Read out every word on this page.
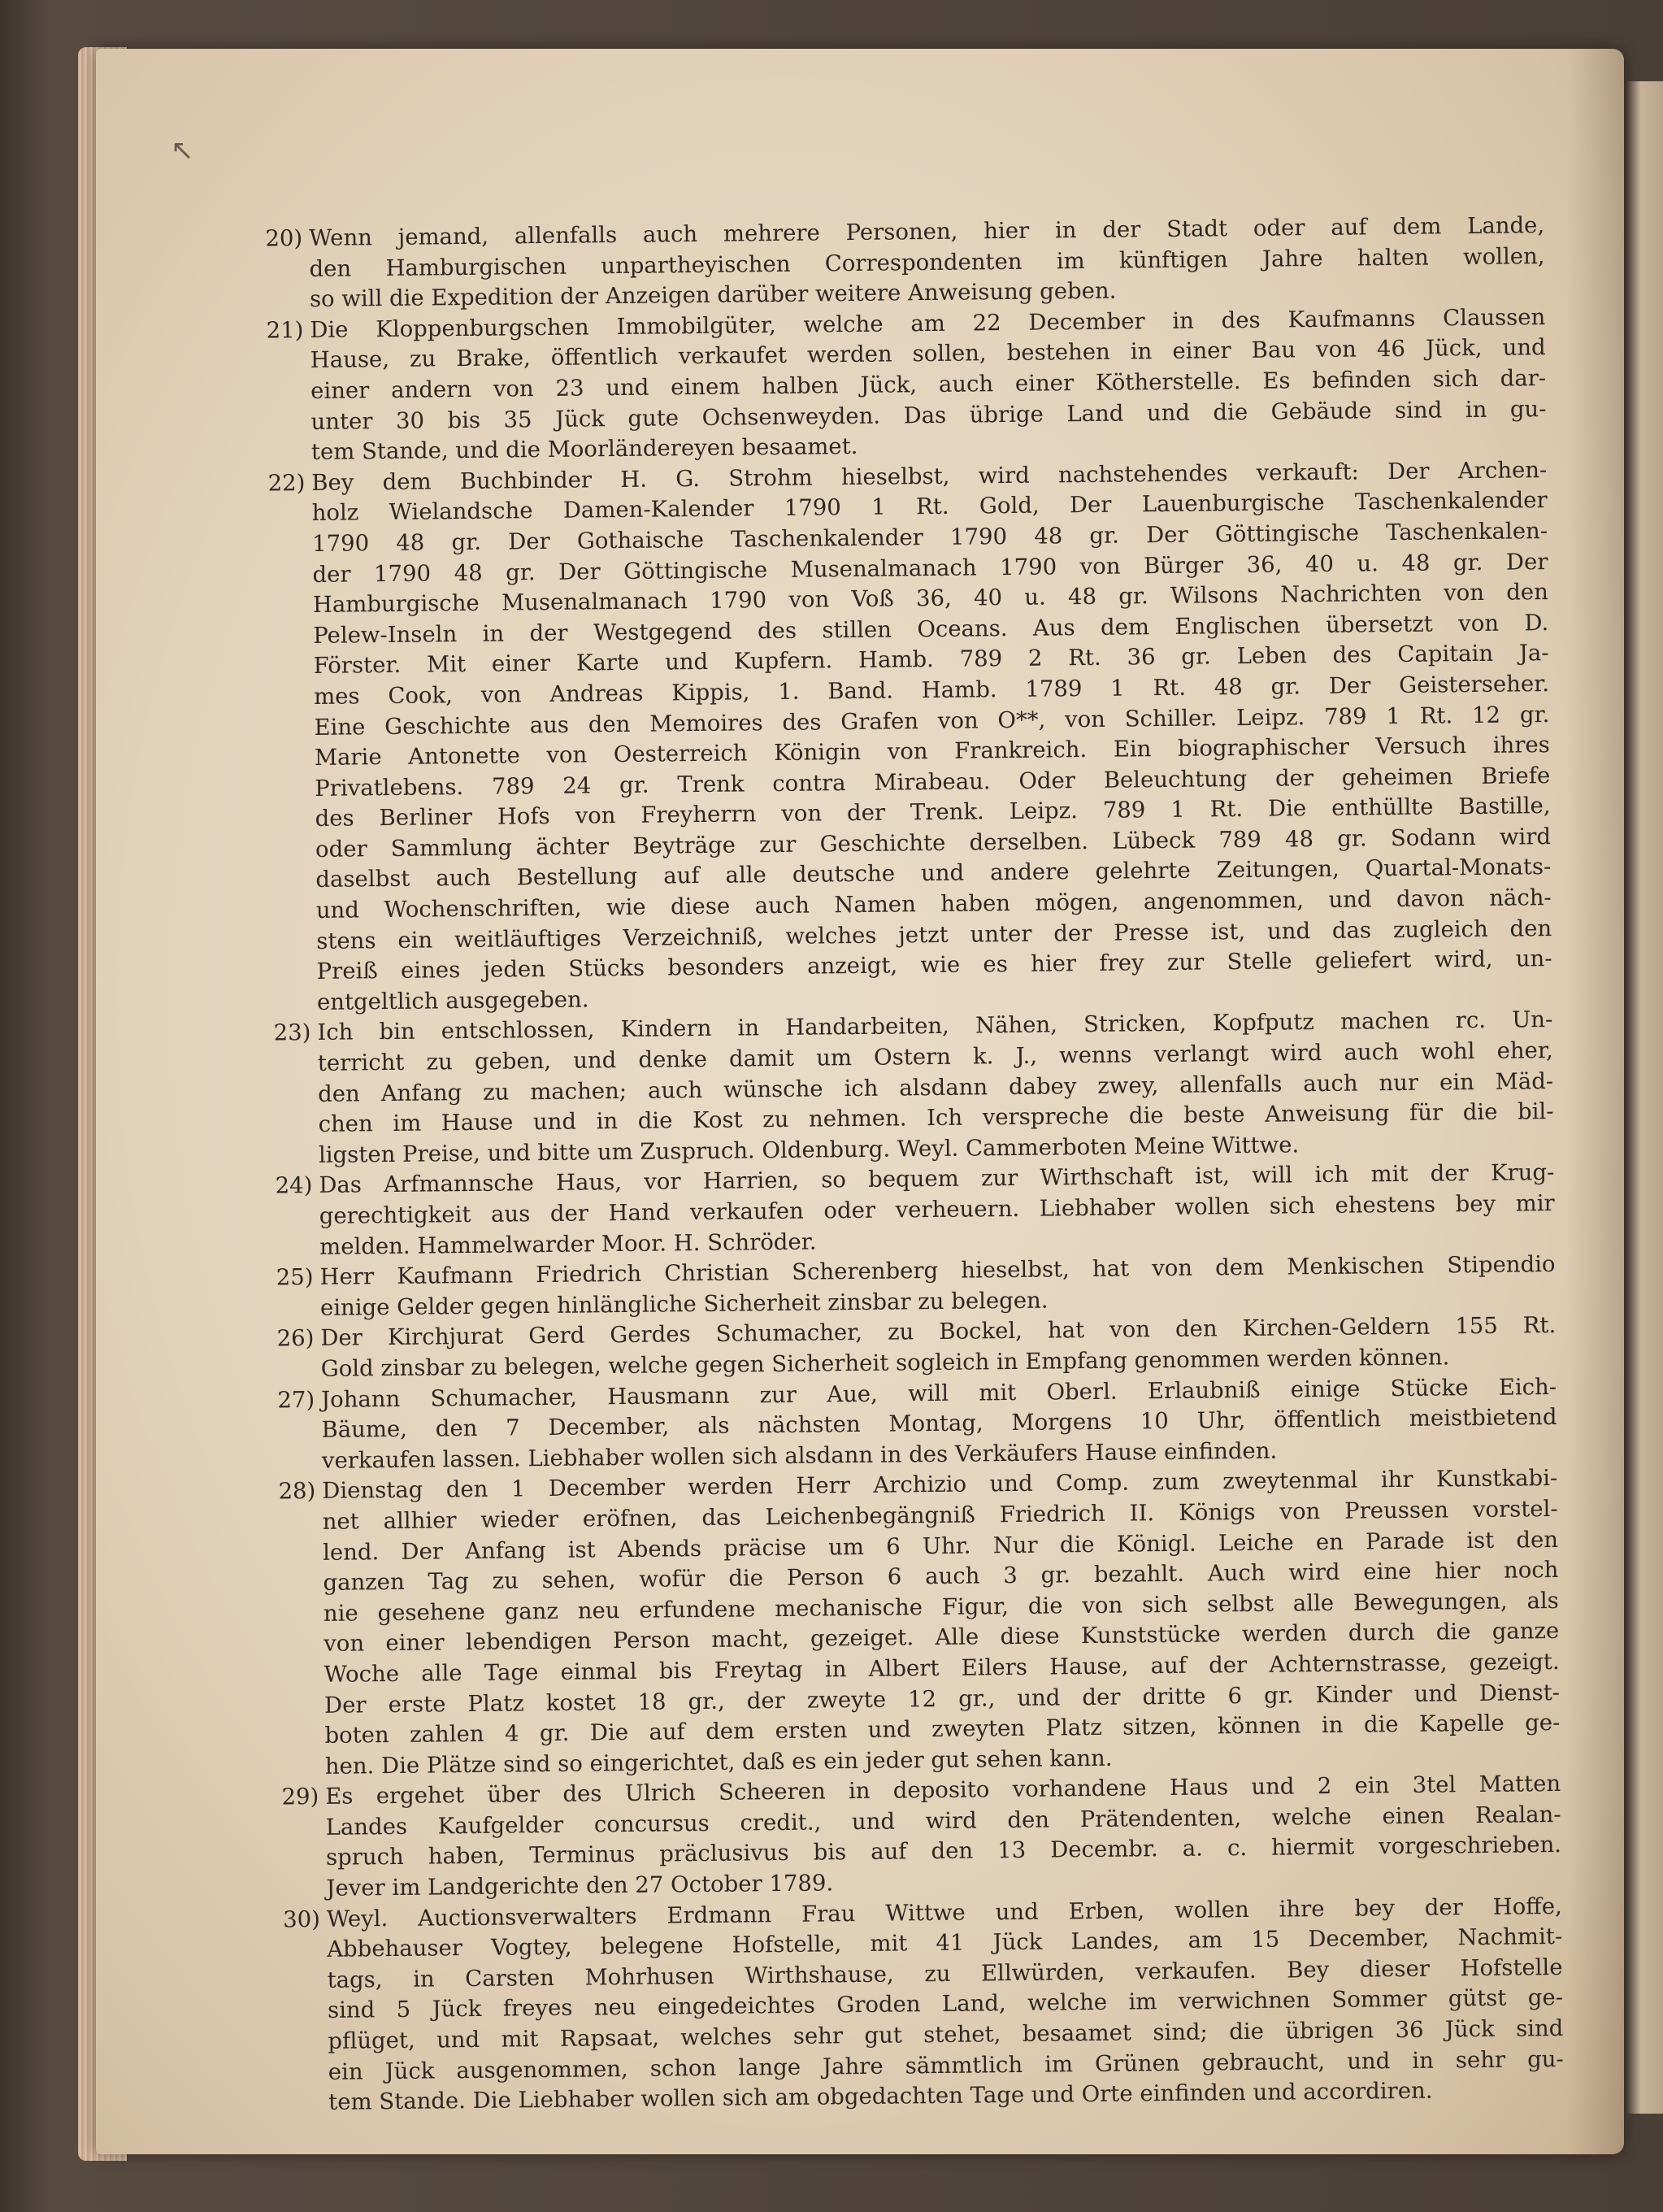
↖
20) Wenn jemand, allenfalls auch mehrere Personen, hier in der Stadt oder auf dem Lande,
den Hamburgischen unpartheyischen Correspondenten im künftigen Jahre halten wollen,
so will die Expedition der Anzeigen darüber weitere Anweisung geben.
21) Die Kloppenburgschen Immobilgüter, welche am 22 December in des Kaufmanns Claussen
Hause, zu Brake, öffentlich verkaufet werden sollen, bestehen in einer Bau von 46 Jück, und
einer andern von 23 und einem halben Jück, auch einer Kötherstelle. Es befinden sich dar-
unter 30 bis 35 Jück gute Ochsenweyden. Das übrige Land und die Gebäude sind in gu-
tem Stande, und die Moorländereyen besaamet.
22) Bey dem Buchbinder H. G. Strohm hieselbst, wird nachstehendes verkauft: Der Archen-
holz Wielandsche Damen-Kalender 1790 1 Rt. Gold, Der Lauenburgische Taschenkalender
1790 48 gr. Der Gothaische Taschenkalender 1790 48 gr. Der Göttingische Taschenkalen-
der 1790 48 gr. Der Göttingische Musenalmanach 1790 von Bürger 36, 40 u. 48 gr. Der
Hamburgische Musenalmanach 1790 von Voß 36, 40 u. 48 gr. Wilsons Nachrichten von den
Pelew-Inseln in der Westgegend des stillen Oceans. Aus dem Englischen übersetzt von D.
Förster. Mit einer Karte und Kupfern. Hamb. 789 2 Rt. 36 gr. Leben des Capitain Ja-
mes Cook, von Andreas Kippis, 1. Band. Hamb. 1789 1 Rt. 48 gr. Der Geisterseher.
Eine Geschichte aus den Memoires des Grafen von O**, von Schiller. Leipz. 789 1 Rt. 12 gr.
Marie Antonette von Oesterreich Königin von Frankreich. Ein biographischer Versuch ihres
Privatlebens. 789 24 gr. Trenk contra Mirabeau. Oder Beleuchtung der geheimen Briefe
des Berliner Hofs von Freyherrn von der Trenk. Leipz. 789 1 Rt. Die enthüllte Bastille,
oder Sammlung ächter Beyträge zur Geschichte derselben. Lübeck 789 48 gr. Sodann wird
daselbst auch Bestellung auf alle deutsche und andere gelehrte Zeitungen, Quartal-Monats-
und Wochenschriften, wie diese auch Namen haben mögen, angenommen, und davon näch-
stens ein weitläuftiges Verzeichniß, welches jetzt unter der Presse ist, und das zugleich den
Preiß eines jeden Stücks besonders anzeigt, wie es hier frey zur Stelle geliefert wird, un-
entgeltlich ausgegeben.
23) Ich bin entschlossen, Kindern in Handarbeiten, Nähen, Stricken, Kopfputz machen rc. Un-
terricht zu geben, und denke damit um Ostern k. J., wenns verlangt wird auch wohl eher,
den Anfang zu machen; auch wünsche ich alsdann dabey zwey, allenfalls auch nur ein Mäd-
chen im Hause und in die Kost zu nehmen. Ich verspreche die beste Anweisung für die bil-
ligsten Preise, und bitte um Zuspruch. Oldenburg. Weyl. Cammerboten Meine Wittwe.
24) Das Arfmannsche Haus, vor Harrien, so bequem zur Wirthschaft ist, will ich mit der Krug-
gerechtigkeit aus der Hand verkaufen oder verheuern. Liebhaber wollen sich ehestens bey mir
melden. Hammelwarder Moor. H. Schröder.
25) Herr Kaufmann Friedrich Christian Scherenberg hieselbst, hat von dem Menkischen Stipendio
einige Gelder gegen hinlängliche Sicherheit zinsbar zu belegen.
26) Der Kirchjurat Gerd Gerdes Schumacher, zu Bockel, hat von den Kirchen-Geldern 155 Rt.
Gold zinsbar zu belegen, welche gegen Sicherheit sogleich in Empfang genommen werden können.
27) Johann Schumacher, Hausmann zur Aue, will mit Oberl. Erlaubniß einige Stücke Eich-
Bäume, den 7 December, als nächsten Montag, Morgens 10 Uhr, öffentlich meistbietend
verkaufen lassen. Liebhaber wollen sich alsdann in des Verkäufers Hause einfinden.
28) Dienstag den 1 December werden Herr Archizio und Comp. zum zweytenmal ihr Kunstkabi-
net allhier wieder eröfnen, das Leichenbegängniß Friedrich II. Königs von Preussen vorstel-
lend. Der Anfang ist Abends präcise um 6 Uhr. Nur die Königl. Leiche en Parade ist den
ganzen Tag zu sehen, wofür die Person 6 auch 3 gr. bezahlt. Auch wird eine hier noch
nie gesehene ganz neu erfundene mechanische Figur, die von sich selbst alle Bewegungen, als
von einer lebendigen Person macht, gezeiget. Alle diese Kunststücke werden durch die ganze
Woche alle Tage einmal bis Freytag in Albert Eilers Hause, auf der Achternstrasse, gezeigt.
Der erste Platz kostet 18 gr., der zweyte 12 gr., und der dritte 6 gr. Kinder und Dienst-
boten zahlen 4 gr. Die auf dem ersten und zweyten Platz sitzen, können in die Kapelle ge-
hen. Die Plätze sind so eingerichtet, daß es ein jeder gut sehen kann.
29) Es ergehet über des Ulrich Scheeren in deposito vorhandene Haus und 2 ein 3tel Matten
Landes Kaufgelder concursus credit., und wird den Prätendenten, welche einen Realan-
spruch haben, Terminus präclusivus bis auf den 13 Decembr. a. c. hiermit vorgeschrieben.
Jever im Landgerichte den 27 October 1789.
30) Weyl. Auctionsverwalters Erdmann Frau Wittwe und Erben, wollen ihre bey der Hoffe,
Abbehauser Vogtey, belegene Hofstelle, mit 41 Jück Landes, am 15 December, Nachmit-
tags, in Carsten Mohrhusen Wirthshause, zu Ellwürden, verkaufen. Bey dieser Hofstelle
sind 5 Jück freyes neu eingedeichtes Groden Land, welche im verwichnen Sommer gütst ge-
pflüget, und mit Rapsaat, welches sehr gut stehet, besaamet sind; die übrigen 36 Jück sind
ein Jück ausgenommen, schon lange Jahre sämmtlich im Grünen gebraucht, und in sehr gu-
tem Stande. Die Liebhaber wollen sich am obgedachten Tage und Orte einfinden und accordiren.
